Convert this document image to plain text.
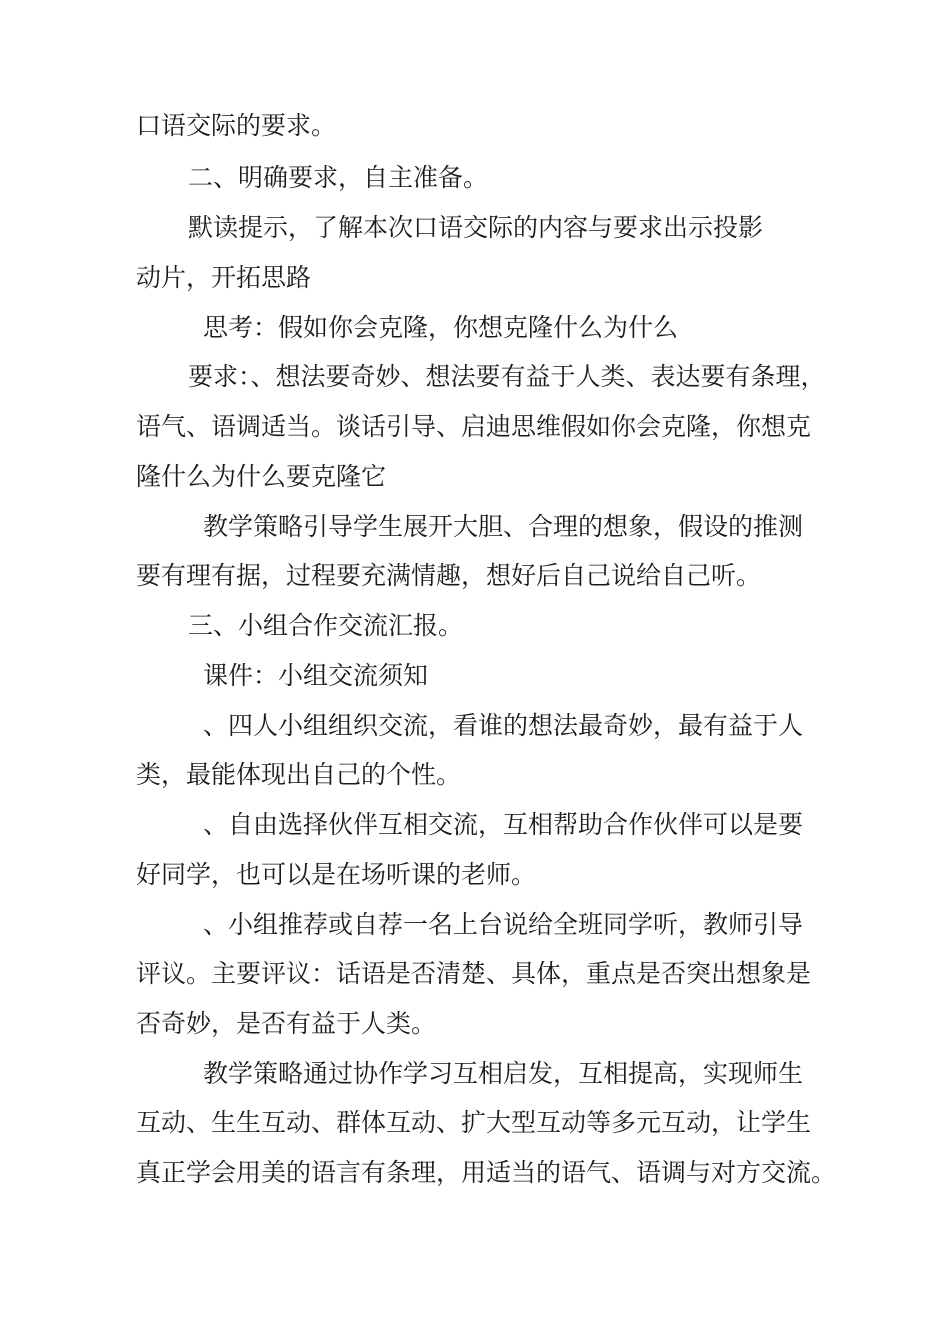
口语交际的要求。
二、明确要求，自主准备。
默读提示，了解本次口语交际的内容与要求出示投影
动片，开拓思路
思考：假如你会克隆，你想克隆什么为什么
要求：、想法要奇妙、想法要有益于人类、表达要有条理，
语气、语调适当。谈话引导、启迪思维假如你会克隆，你想克
隆什么为什么要克隆它
教学策略引导学生展开大胆、合理的想象，假设的推测
要有理有据，过程要充满情趣，想好后自己说给自己听。
三、小组合作交流汇报。
课件：小组交流须知
、四人小组组织交流，看谁的想法最奇妙，最有益于人
类，最能体现出自己的个性。
、自由选择伙伴互相交流，互相帮助合作伙伴可以是要
好同学，也可以是在场听课的老师。
、小组推荐或自荐一名上台说给全班同学听，教师引导
评议。主要评议：话语是否清楚、具体，重点是否突出想象是
否奇妙，是否有益于人类。
教学策略通过协作学习互相启发，互相提高，实现师生
互动、生生互动、群体互动、扩大型互动等多元互动，让学生
真正学会用美的语言有条理，用适当的语气、语调与对方交流。
